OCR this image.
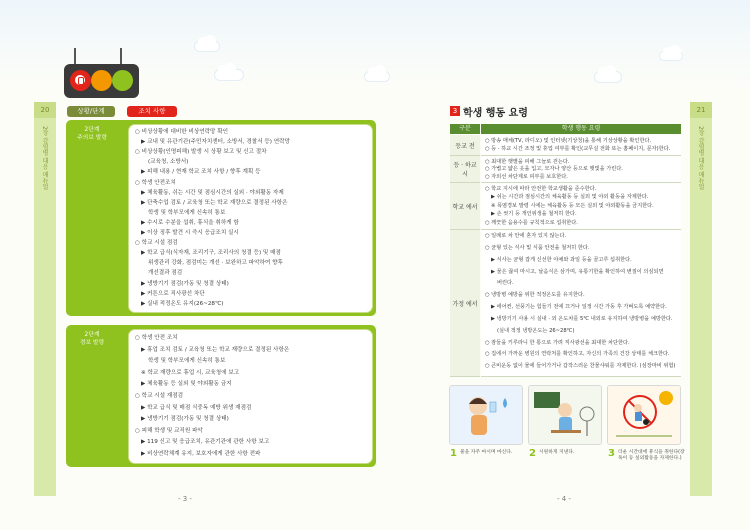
20
2장 감염병 대응 매뉴얼
상황/단계	조치 사항
2단계
주의보 발령
○ 비상상황에 대비한 비상연락망 확인
▶ 교내 및 유관기관(주민자치센터, 소방서, 경찰서 등) 연락망
○ 비상상황(인명피해) 발생 시 상황 보고 및 신고 절차
(교육청, 소방서)
▶ 피해 내용 / 현재 학교 조치 사항 / 향후 계획 등
○ 학생 안전조치
▶ 체육활동, 쉬는 시간 및 점심시간의 실외 · 야외활동 자제
▶ 단축수업 검토 / 교육청 또는 학교 재량으로 결정된 사항은
학생 및 학부모에게 신속히 통보
▶ 수시로 수분을 섭취, 휴식을 취하게 함
▶ 이상 징후 발견 시 즉시 응급조치 실시
○ 학교 시설 점검
▶ 학교 급식(식자재, 조리기구, 조리사의 청결 등) 및 매점
위생관리 강화, 점검미는 개선 · 보완하고 파악하여 향후
개선결과 점검
▶ 냉방기기 점검(가동 및 청결 상태)
▶ 커튼으로 직사광선 차단
▶ 실내 적정온도 유지(26~28℃)
2단계
경보 발령
○ 학생 안전 조치
▶ 휴업 조치 검토 / 교육청 또는 학교 재량으로 결정된 사항은
학생 및 학부모에게 신속히 통보
※ 학교 재량으로 휴업 시, 교육청에 보고
▶ 체육활동 등 실외 및 야외활동 금지
○ 학교 시설 재점검
▶ 학교 급식 및 매점 식중독 예방 위생 재점검
▶ 냉방기기 점검(가동 및 청결 상태)
○ 피해 학생 및 교직원 파악
▶ 119 신고 및 응급조치, 유관기관에 관한 사항 보고
▶ 비상연락체계 유지, 보호자에게 관한 사항 전파
- 3 -
21
2장 감염병 대응 매뉴얼
3 학생 행동 요령
구분	학생 행동 요령
등교 전
○ 방송 매체(TV, 라디오) 및 인터넷(기상청)을 통해 기상상황을 확인한다.
○ 등 · 하교 시간 조정 및 휴업 여부를 확인(교무실 전화 또는 홈페이지, 문자)한다.
등 · 하교 시
○ 최대한 햇볕을 피해 그늘로 걷는다.
○ 가볍고 얇은 옷을 입고, 모자나 양산 등으로 햇빛을 가린다.
○ 자외선 차단제로 피부를 보호한다.
학교 에서
○ 학교 지시에 따라 안전한 학교생활을 준수한다.
▶ 쉬는 시간과 점심시간의 체육활동 등 실외 및 야외 활동을 자제한다.
※ 폭염경보 발령 시에는 체육활동 등 모든 실외 및 야외활동을 금지한다.
▶ 손 씻기 등 개인위생을 철저히 한다.
○ 깨끗한 음용수를 규칙적으로 섭취한다.
가정 에서
○ 일례로 차 안에 혼자 있지 않는다.
○ 균형 있는 식사 및 식품 안전을 철저히 한다.
▶ 식사는 균형 잡게 신선한 야채와 과일 등을 골고루 섭취한다.
▶ 물은 끓여 마시고, 날음식은 삼가며, 유통기한을 확인하여 변질이 의심되면
버린다.
○ 냉방병 예방을 위한 적정온도를 유지한다.
▶ 에어컨, 선풍기는 힘들기 전에 끄거나 일정 시간 가동 후 가벼도록 예약한다.
▶ 냉방기기 사용 시 실내 · 외 온도차를 5℃ 내외로 유지하여 냉방병을 예방한다.
(실내 적정 냉방온도는 26~28℃)
○ 잠들을 키루라니 한 통으로 가려 직사광선을 최대한 차단한다.
○ 집에서 가까운 병원의 연락처를 확인하고, 자신의 가족의 건강 상태를 체크한다.
○ 큰비운동 없이 물에 들어가거나 갑작스러운 찬물샤워를 자제한다. (심장마비 위험)
1 물을 자주 마시며 마신다.	2 시원하게 지낸다.	3 더운 시간대에 휴식을 취한다(장독이 등 실외활동을 자제한다.)
- 4 -
